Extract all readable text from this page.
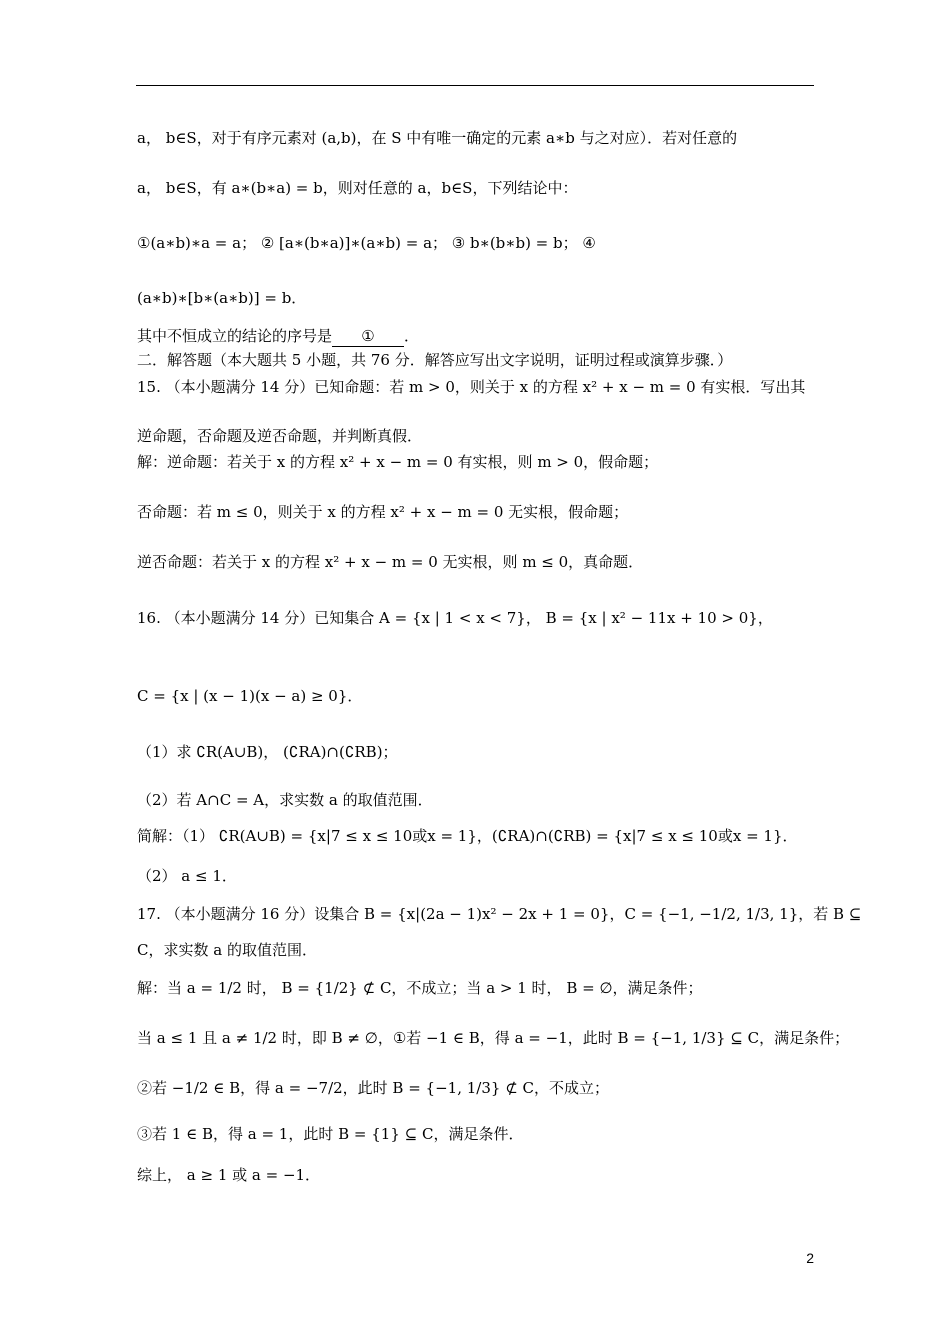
a， b∈S，对于有序元素对 (a,b)，在 S 中有唯一确定的元素 a∗b 与之对应）．若对任意的
a， b∈S，有 a∗(b∗a) = b，则对任意的 a，b∈S，下列结论中：
①(a∗b)∗a = a； ② [a∗(b∗a)]∗(a∗b) = a； ③ b∗(b∗b) = b； ④
(a∗b)∗[b∗(a∗b)] = b．
其中不恒成立的结论的序号是 ① ．
二．解答题（本大题共 5 小题，共 76 分．解答应写出文字说明，证明过程或演算步骤．）
15. （本小题满分 14 分）已知命题：若 m > 0，则关于 x 的方程 x² + x − m = 0 有实根．写出其
逆命题，否命题及逆否命题，并判断真假．
解：逆命题：若关于 x 的方程 x² + x − m = 0 有实根，则 m > 0，假命题；
否命题：若 m ≤ 0，则关于 x 的方程 x² + x − m = 0 无实根，假命题；
逆否命题：若关于 x 的方程 x² + x − m = 0 无实根，则 m ≤ 0，真命题．
16. （本小题满分 14 分）已知集合 A = {x | 1 < x < 7}， B = {x | x² − 11x + 10 > 0}，
C = {x | (x − 1)(x − a) ≥ 0}．
（1）求 ∁R(A∪B)， (∁RA)∩(∁RB)；
（2）若 A∩C = A，求实数 a 的取值范围．
简解：（1） ∁R(A∪B) = {x|7 ≤ x ≤ 10或x = 1}，(∁RA)∩(∁RB) = {x|7 ≤ x ≤ 10或x = 1}．
（2） a ≤ 1．
17. （本小题满分 16 分）设集合 B = {x|(2a − 1)x² − 2x + 1 = 0}，C = {−1, −1/2, 1/3, 1}，若 B ⊆
C，求实数 a 的取值范围．
解：当 a = 1/2 时， B = {1/2} ⊄ C，不成立；当 a > 1 时， B = ∅，满足条件；
当 a ≤ 1 且 a ≠ 1/2 时，即 B ≠ ∅，①若 −1 ∈ B，得 a = −1，此时 B = {−1, 1/3} ⊆ C，满足条件；
②若 −1/2 ∈ B，得 a = −7/2，此时 B = {−1, 1/3} ⊄ C，不成立；
③若 1 ∈ B，得 a = 1，此时 B = {1} ⊆ C，满足条件．
综上， a ≥ 1 或 a = −1．
2
